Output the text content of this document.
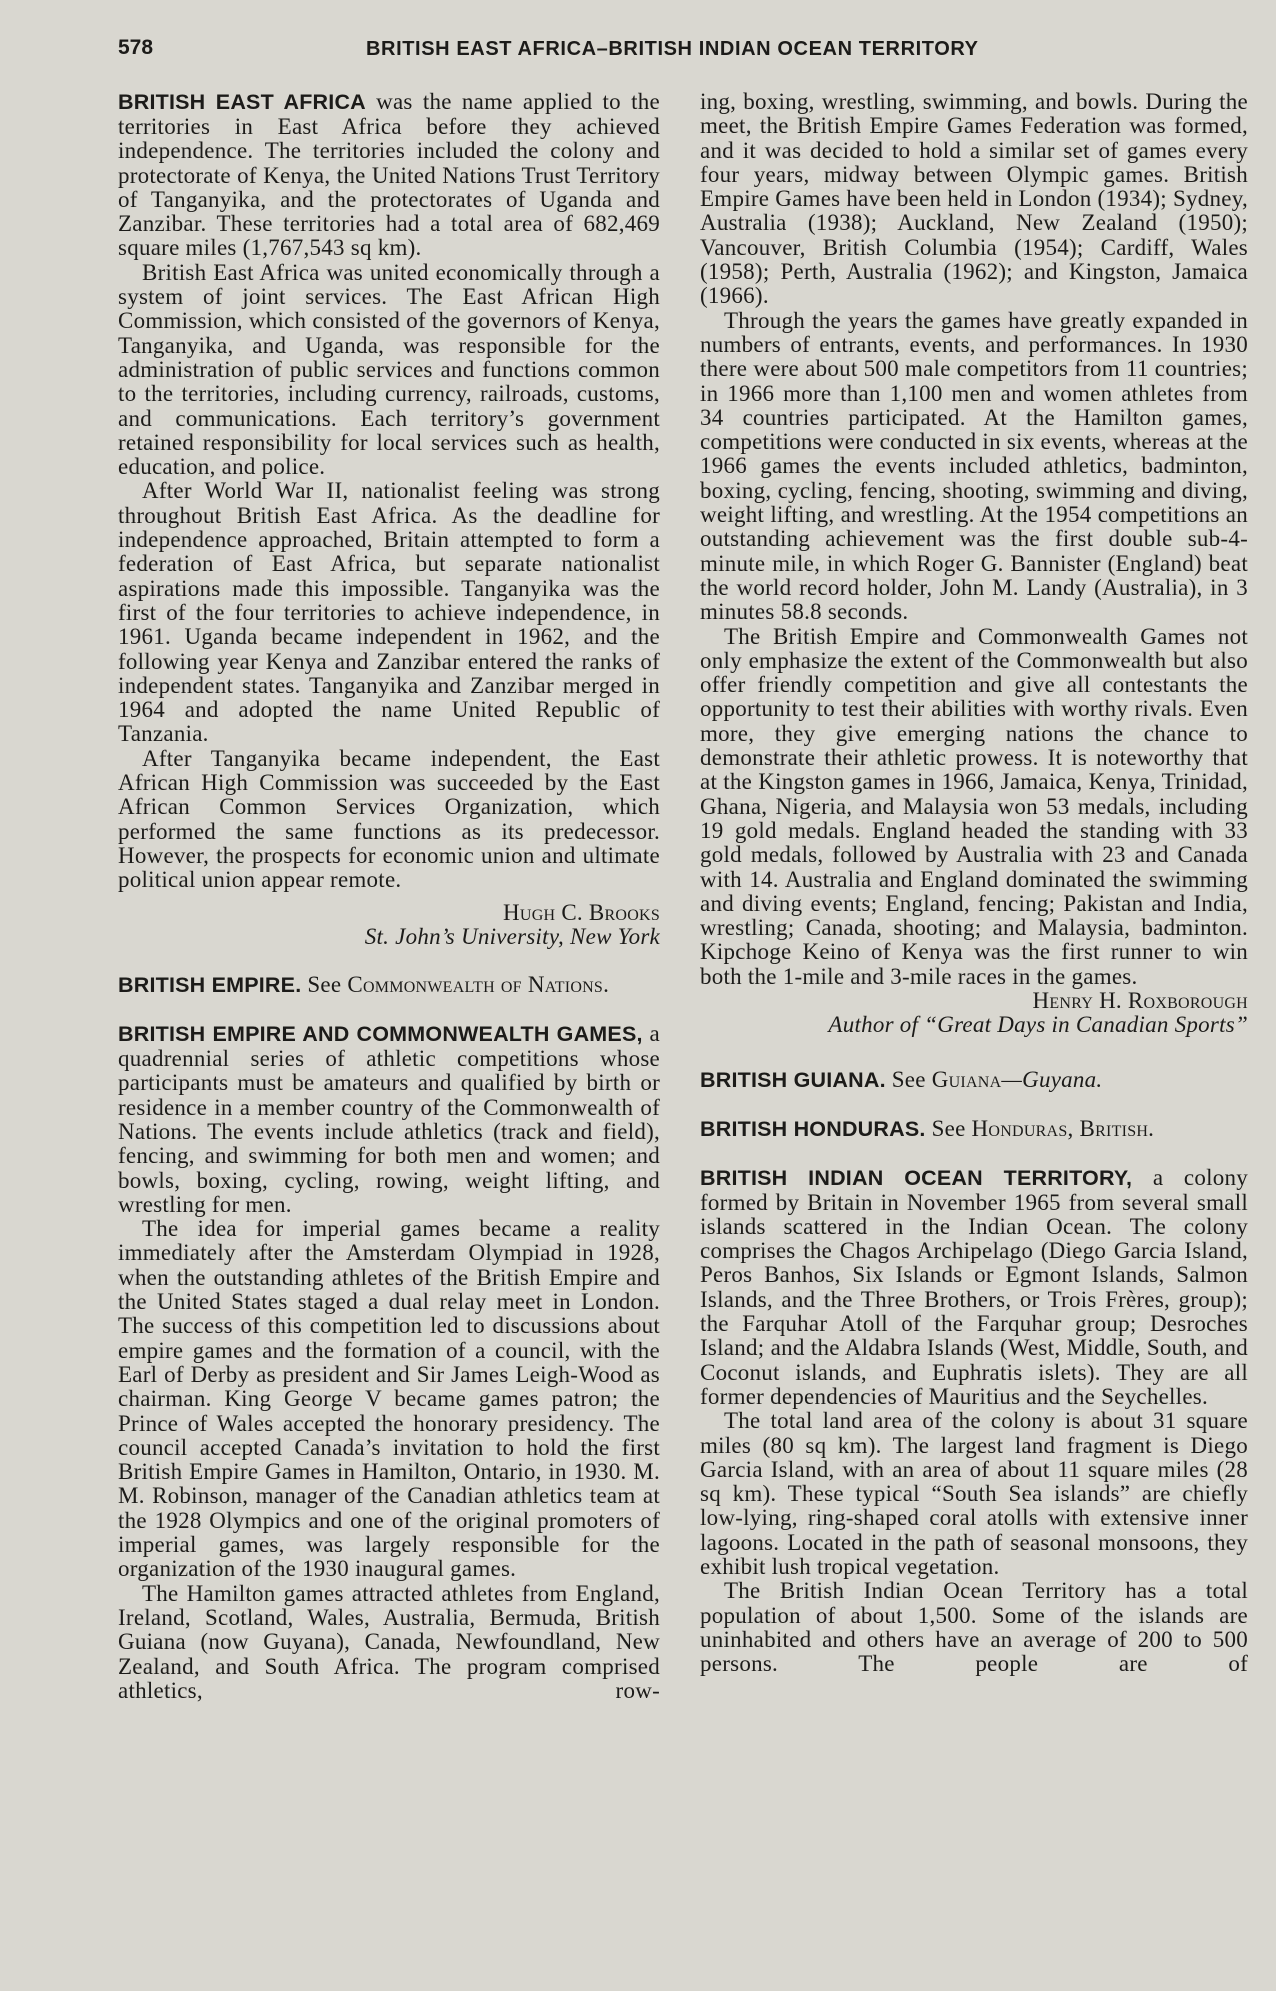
578	BRITISH EAST AFRICA–BRITISH INDIAN OCEAN TERRITORY

BRITISH EAST AFRICA was the name applied to the territories in East Africa before they achieved independence. The territories included the colony and protectorate of Kenya, the United Nations Trust Territory of Tanganyika, and the protectorates of Uganda and Zanzibar. These territories had a total area of 682,469 square miles (1,767,543 sq km).

British East Africa was united economically through a system of joint services. The East African High Commission, which consisted of the governors of Kenya, Tanganyika, and Uganda, was responsible for the administration of public services and functions common to the territories, including currency, railroads, customs, and communications. Each territory’s government retained responsibility for local services such as health, education, and police.

After World War II, nationalist feeling was strong throughout British East Africa. As the deadline for independence approached, Britain attempted to form a federation of East Africa, but separate nationalist aspirations made this impossible. Tanganyika was the first of the four territories to achieve independence, in 1961. Uganda became independent in 1962, and the following year Kenya and Zanzibar entered the ranks of independent states. Tanganyika and Zanzibar merged in 1964 and adopted the name United Republic of Tanzania.

After Tanganyika became independent, the East African High Commission was succeeded by the East African Common Services Organization, which performed the same functions as its predecessor. However, the prospects for economic union and ultimate political union appear remote.

Hugh C. Brooks

St. John’s University, New York

BRITISH EMPIRE. See Commonwealth of Nations.

BRITISH EMPIRE AND COMMONWEALTH GAMES, a quadrennial series of athletic competitions whose participants must be amateurs and qualified by birth or residence in a member country of the Commonwealth of Nations. The events include athletics (track and field), fencing, and swimming for both men and women; and bowls, boxing, cycling, rowing, weight lifting, and wrestling for men.

The idea for imperial games became a reality immediately after the Amsterdam Olympiad in 1928, when the outstanding athletes of the British Empire and the United States staged a dual relay meet in London. The success of this competition led to discussions about empire games and the formation of a council, with the Earl of Derby as president and Sir James Leigh-Wood as chairman. King George V became games patron; the Prince of Wales accepted the honorary presidency. The council accepted Canada’s invitation to hold the first British Empire Games in Hamilton, Ontario, in 1930. M. M. Robinson, manager of the Canadian athletics team at the 1928 Olympics and one of the original promoters of imperial games, was largely responsible for the organization of the 1930 inaugural games.

The Hamilton games attracted athletes from England, Ireland, Scotland, Wales, Australia, Bermuda, British Guiana (now Guyana), Canada, Newfoundland, New Zealand, and South Africa. The program comprised athletics, row-

ing, boxing, wrestling, swimming, and bowls. During the meet, the British Empire Games Federation was formed, and it was decided to hold a similar set of games every four years, midway between Olympic games. British Empire Games have been held in London (1934); Sydney, Australia (1938); Auckland, New Zealand (1950); Vancouver, British Columbia (1954); Cardiff, Wales (1958); Perth, Australia (1962); and Kingston, Jamaica (1966).

Through the years the games have greatly expanded in numbers of entrants, events, and performances. In 1930 there were about 500 male competitors from 11 countries; in 1966 more than 1,100 men and women athletes from 34 countries participated. At the Hamilton games, competitions were conducted in six events, whereas at the 1966 games the events included athletics, badminton, boxing, cycling, fencing, shooting, swimming and diving, weight lifting, and wrestling. At the 1954 competitions an outstanding achievement was the first double sub-4-minute mile, in which Roger G. Bannister (England) beat the world record holder, John M. Landy (Australia), in 3 minutes 58.8 seconds.

The British Empire and Commonwealth Games not only emphasize the extent of the Commonwealth but also offer friendly competition and give all contestants the opportunity to test their abilities with worthy rivals. Even more, they give emerging nations the chance to demonstrate their athletic prowess. It is noteworthy that at the Kingston games in 1966, Jamaica, Kenya, Trinidad, Ghana, Nigeria, and Malaysia won 53 medals, including 19 gold medals. England headed the standing with 33 gold medals, followed by Australia with 23 and Canada with 14. Australia and England dominated the swimming and diving events; England, fencing; Pakistan and India, wrestling; Canada, shooting; and Malaysia, badminton. Kipchoge Keino of Kenya was the first runner to win both the 1-mile and 3-mile races in the games.

Henry H. Roxborough

Author of “Great Days in Canadian Sports”

BRITISH GUIANA. See Guiana—Guyana.

BRITISH HONDURAS. See Honduras, British.

BRITISH INDIAN OCEAN TERRITORY, a colony formed by Britain in November 1965 from several small islands scattered in the Indian Ocean. The colony comprises the Chagos Archipelago (Diego Garcia Island, Peros Banhos, Six Islands or Egmont Islands, Salmon Islands, and the Three Brothers, or Trois Frères, group); the Farquhar Atoll of the Farquhar group; Desroches Island; and the Aldabra Islands (West, Middle, South, and Coconut islands, and Euphratis islets). They are all former dependencies of Mauritius and the Seychelles.

The total land area of the colony is about 31 square miles (80 sq km). The largest land fragment is Diego Garcia Island, with an area of about 11 square miles (28 sq km). These typical “South Sea islands” are chiefly low-lying, ring-shaped coral atolls with extensive inner lagoons. Located in the path of seasonal monsoons, they exhibit lush tropical vegetation.

The British Indian Ocean Territory has a total population of about 1,500. Some of the islands are uninhabited and others have an average of 200 to 500 persons. The people are of
